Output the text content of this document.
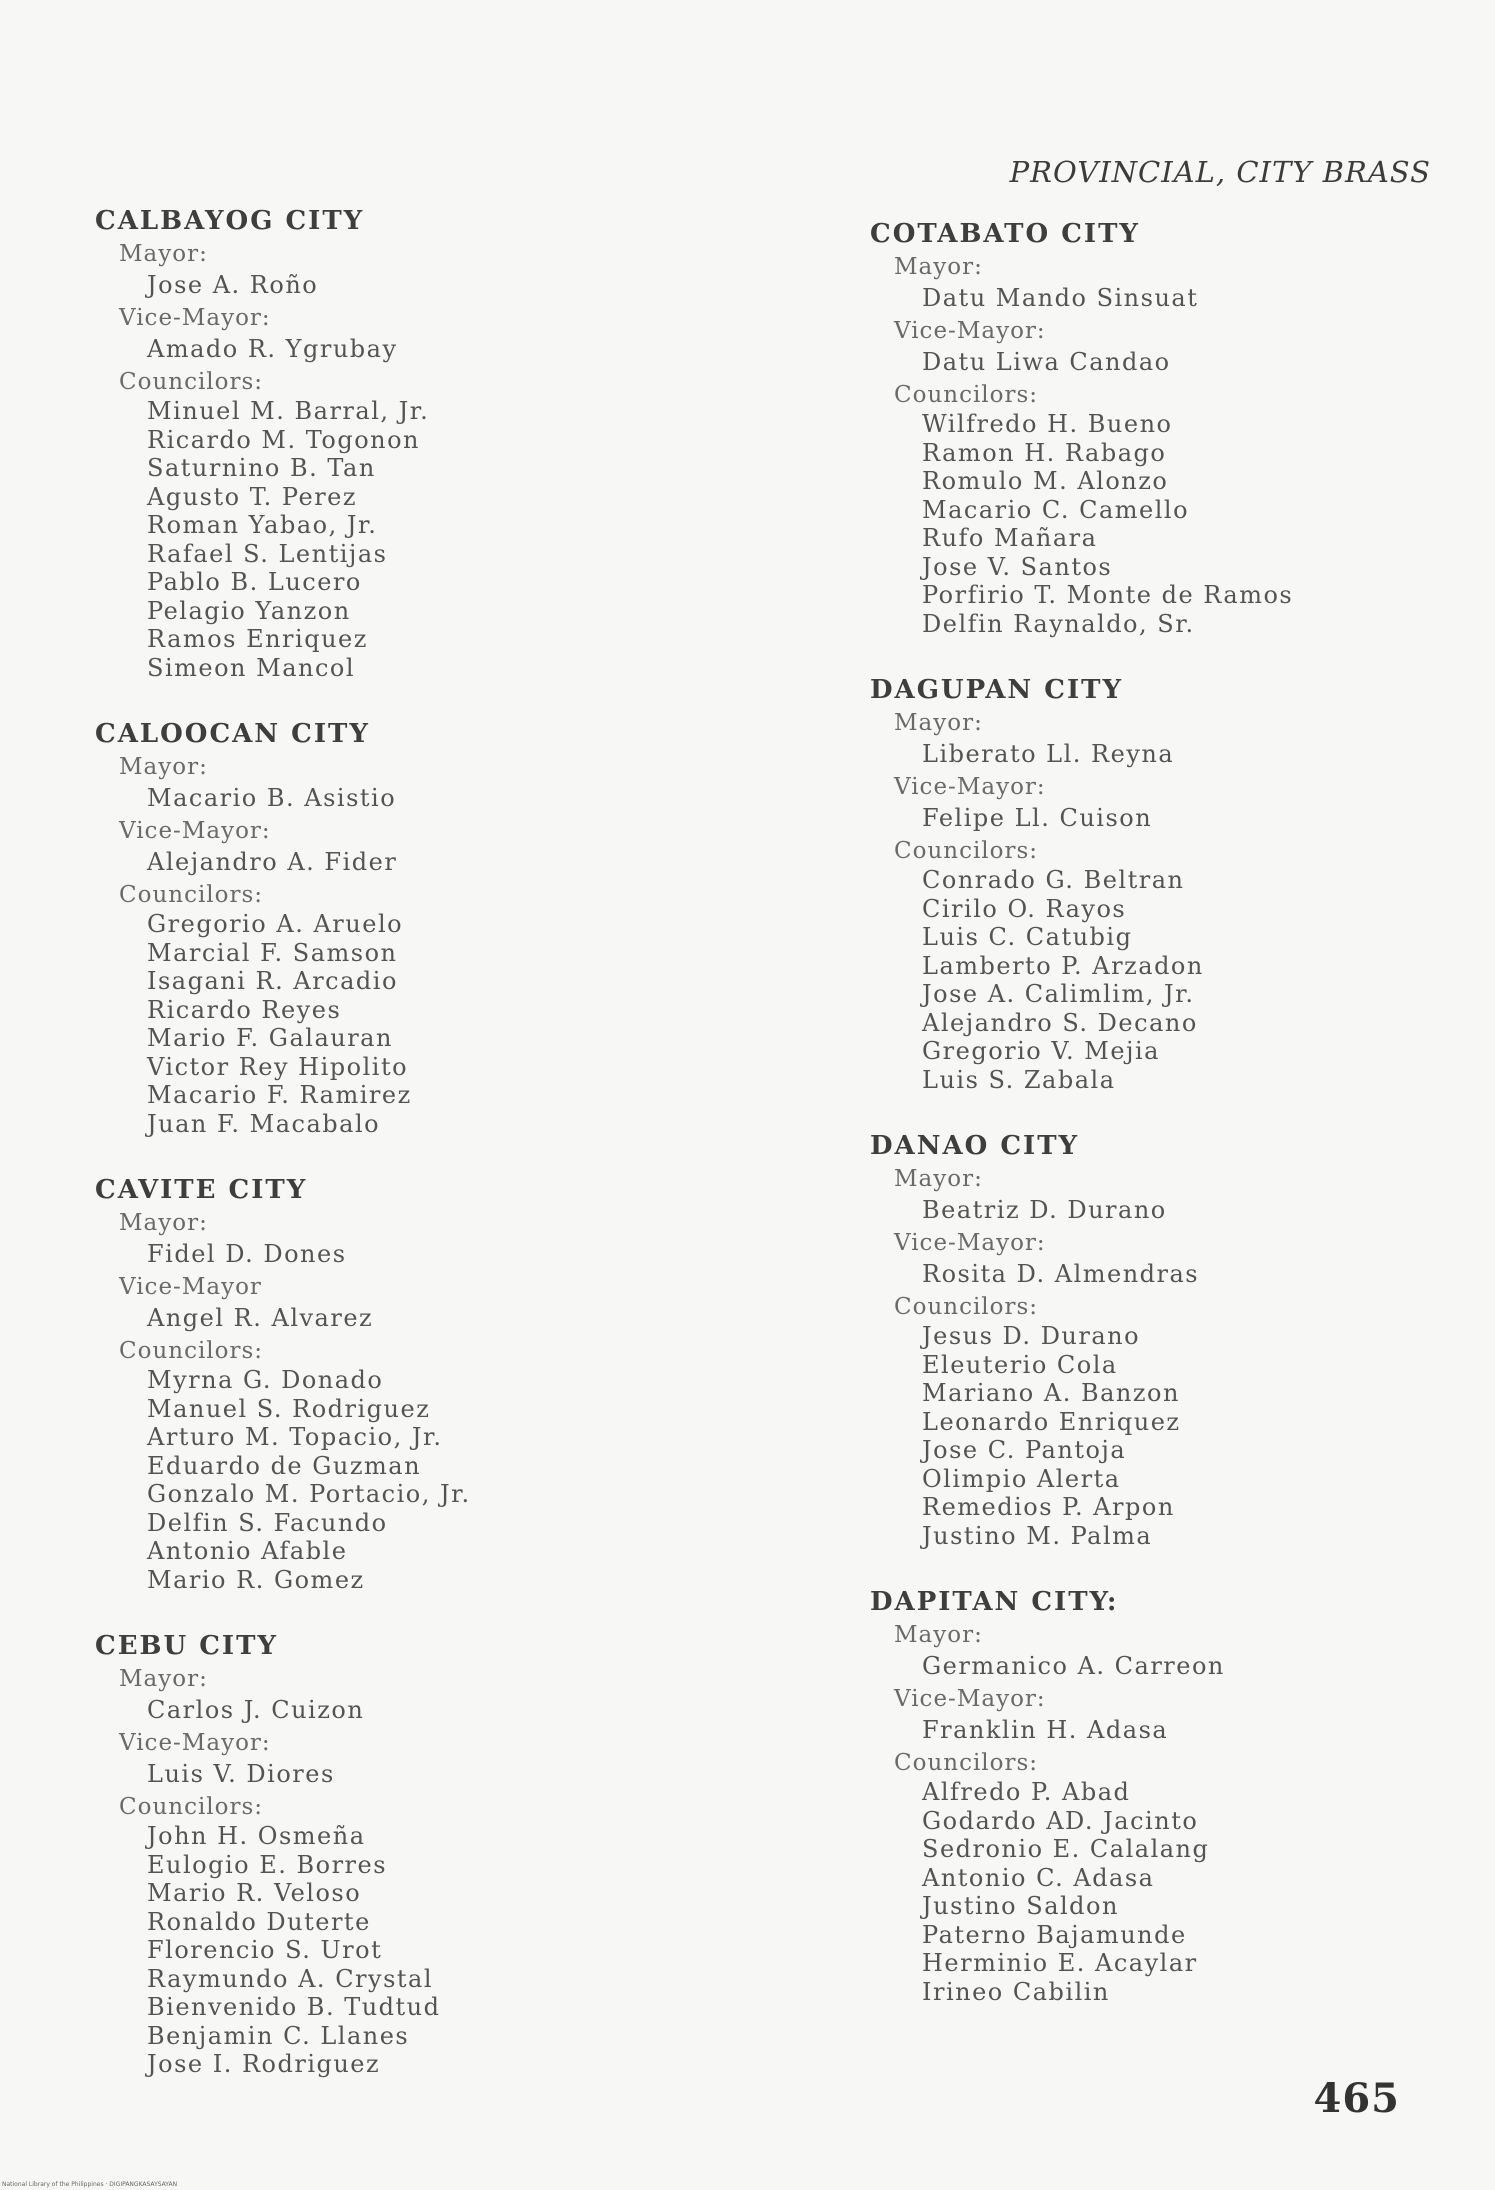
PROVINCIAL, CITY BRASS
CALBAYOG CITY
Mayor:
Jose A. Roño
Vice-Mayor:
Amado R. Ygrubay
Councilors:
Minuel M. Barral, Jr.
Ricardo M. Togonon
Saturnino B. Tan
Agusto T. Perez
Roman Yabao, Jr.
Rafael S. Lentijas
Pablo B. Lucero
Pelagio Yanzon
Ramos Enriquez
Simeon Mancol
CALOOCAN CITY
Mayor:
Macario B. Asistio
Vice-Mayor:
Alejandro A. Fider
Councilors:
Gregorio A. Aruelo
Marcial F. Samson
Isagani R. Arcadio
Ricardo Reyes
Mario F. Galauran
Victor Rey Hipolito
Macario F. Ramirez
Juan F. Macabalo
CAVITE CITY
Mayor:
Fidel D. Dones
Vice-Mayor
Angel R. Alvarez
Councilors:
Myrna G. Donado
Manuel S. Rodriguez
Arturo M. Topacio, Jr.
Eduardo de Guzman
Gonzalo M. Portacio, Jr.
Delfin S. Facundo
Antonio Afable
Mario R. Gomez
CEBU CITY
Mayor:
Carlos J. Cuizon
Vice-Mayor:
Luis V. Diores
Councilors:
John H. Osmeña
Eulogio E. Borres
Mario R. Veloso
Ronaldo Duterte
Florencio S. Urot
Raymundo A. Crystal
Bienvenido B. Tudtud
Benjamin C. Llanes
Jose I. Rodriguez
COTABATO CITY
Mayor:
Datu Mando Sinsuat
Vice-Mayor:
Datu Liwa Candao
Councilors:
Wilfredo H. Bueno
Ramon H. Rabago
Romulo M. Alonzo
Macario C. Camello
Rufo Mañara
Jose V. Santos
Porfirio T. Monte de Ramos
Delfin Raynaldo, Sr.
DAGUPAN CITY
Mayor:
Liberato Ll. Reyna
Vice-Mayor:
Felipe Ll. Cuison
Councilors:
Conrado G. Beltran
Cirilo O. Rayos
Luis C. Catubig
Lamberto P. Arzadon
Jose A. Calimlim, Jr.
Alejandro S. Decano
Gregorio V. Mejia
Luis S. Zabala
DANAO CITY
Mayor:
Beatriz D. Durano
Vice-Mayor:
Rosita D. Almendras
Councilors:
Jesus D. Durano
Eleuterio Cola
Mariano A. Banzon
Leonardo Enriquez
Jose C. Pantoja
Olimpio Alerta
Remedios P. Arpon
Justino M. Palma
DAPITAN CITY:
Mayor:
Germanico A. Carreon
Vice-Mayor:
Franklin H. Adasa
Councilors:
Alfredo P. Abad
Godardo AD. Jacinto
Sedronio E. Calalang
Antonio C. Adasa
Justino Saldon
Paterno Bajamunde
Herminio E. Acaylar
Irineo Cabilin
465
National Library of the Philippines · DIGIPANGKASAYSAYAN
